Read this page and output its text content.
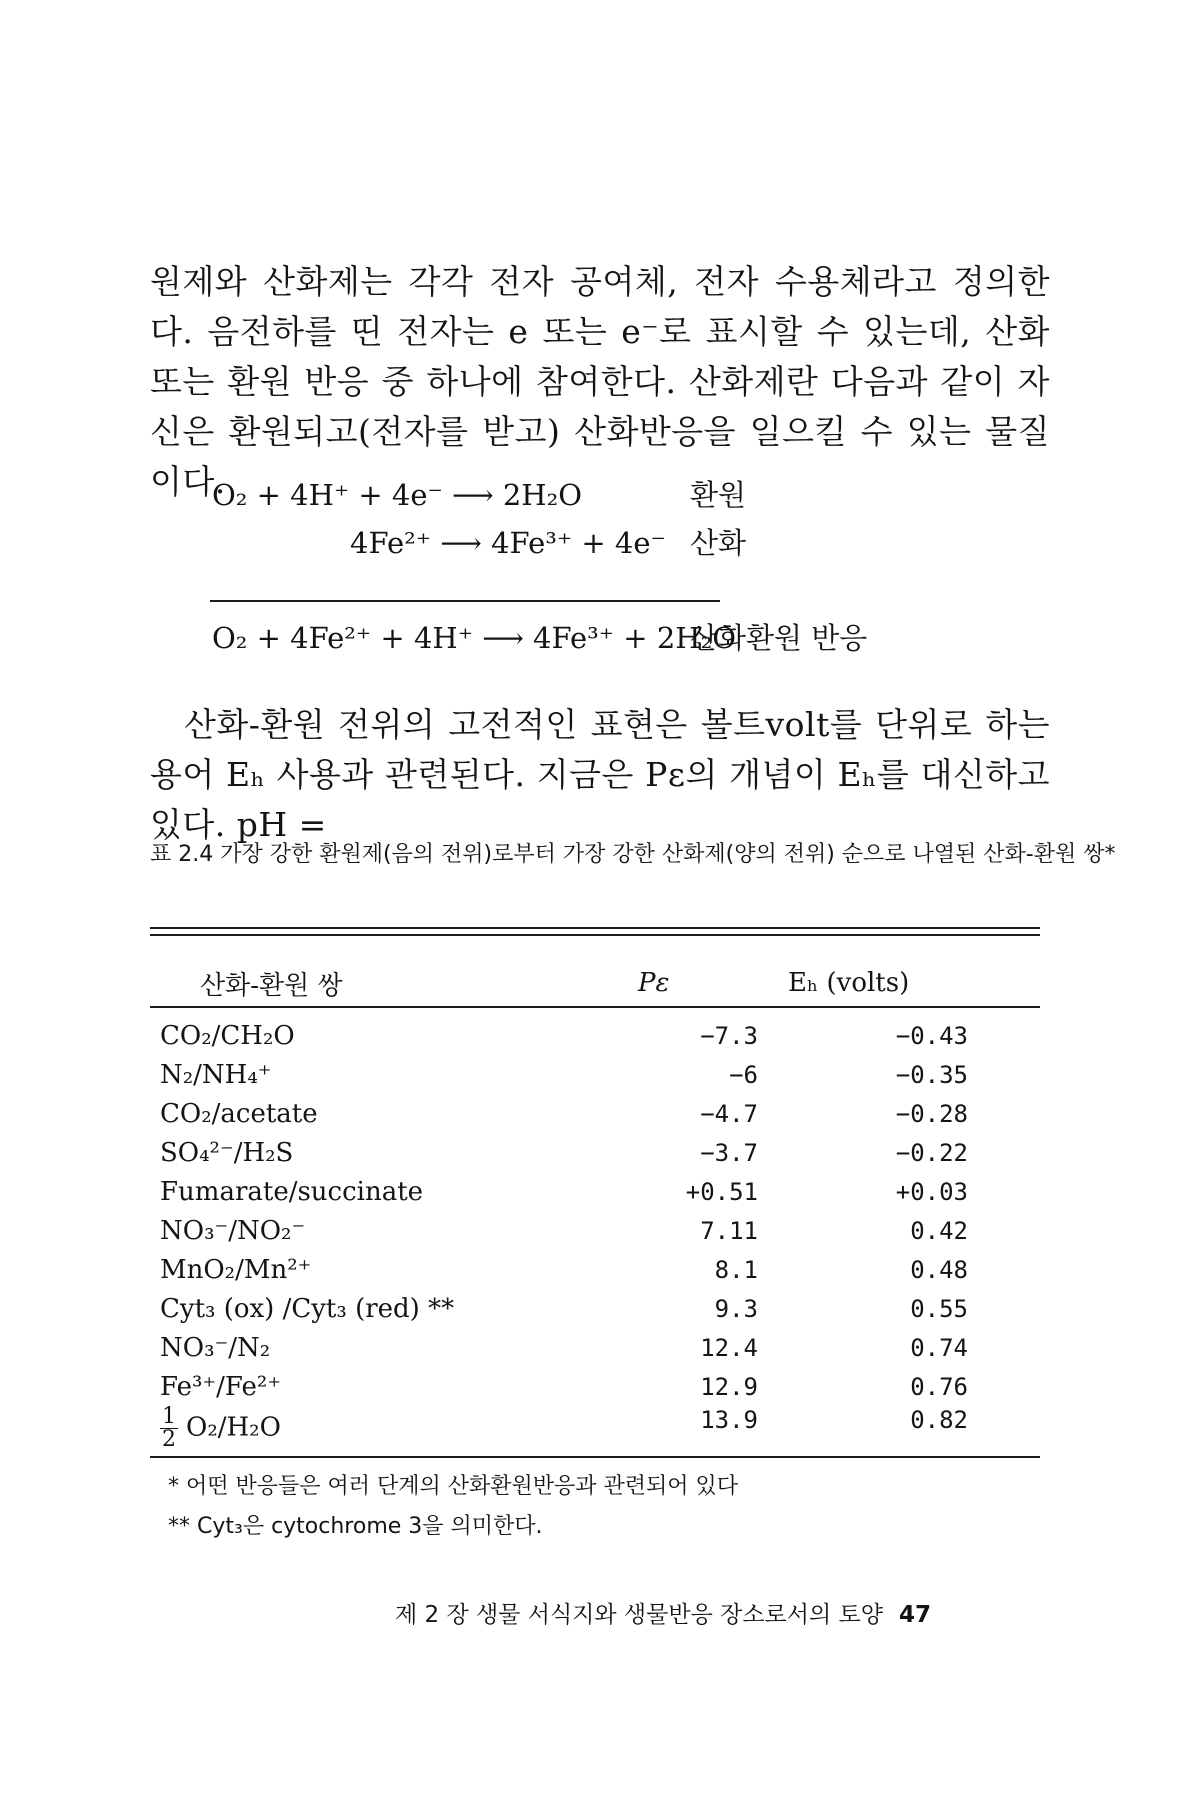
원제와 산화제는 각각 전자 공여체, 전자 수용체라고 정의한다. 음전하를 띤 전자는 e 또는 e⁻로 표시할 수 있는데, 산화 또는 환원 반응 중 하나에 참여한다. 산화제란 다음과 같이 자신은 환원되고(전자를 받고) 산화반응을 일으킬 수 있는 물질이다.

O₂ + 4H⁺ + 4e⁻ ⟶ 2H₂O	환원
4Fe²⁺ ⟶ 4Fe³⁺ + 4e⁻ 산화
O₂ + 4Fe²⁺ + 4H⁺ ⟶ 4Fe³⁺ + 2H₂O
산화환원 반응

산화-환원 전위의 고전적인 표현은 볼트volt를 단위로 하는 용어 Eₕ 사용과 관련된다. 지금은 Pε의 개념이 Eₕ를 대신하고 있다. pH =

표 2.4 가장 강한 환원제(음의 전위)로부터 가장 강한 산화제(양의 전위) 순으로 나열된 산화-환원 쌍*

산화-환원 쌍	Pε	Eₕ (volts)
CO₂/CH₂O	−7.3	−0.43
N₂/NH₄⁺	−6	−0.35
CO₂/acetate	−4.7	−0.28
SO₄²⁻/H₂S	−3.7	−0.22
Fumarate/succinate	+0.51	+0.03
NO₃⁻/NO₂⁻	7.11	0.42
MnO₂/Mn²⁺	8.1	0.48
Cyt₃ (ox) /Cyt₃ (red) **	9.3	0.55
NO₃⁻/N₂	12.4	0.74
Fe³⁺/Fe²⁺	12.9	0.76

$\frac{1}{2} O_2/H_2O$	13.9	0.82

* 어떤 반응들은 여러 단계의 산화환원반응과 관련되어 있다

** Cyt₃은 cytochrome 3을 의미한다.

제 2 장 생물 서식지와 생물반응 장소로서의 토양 47
